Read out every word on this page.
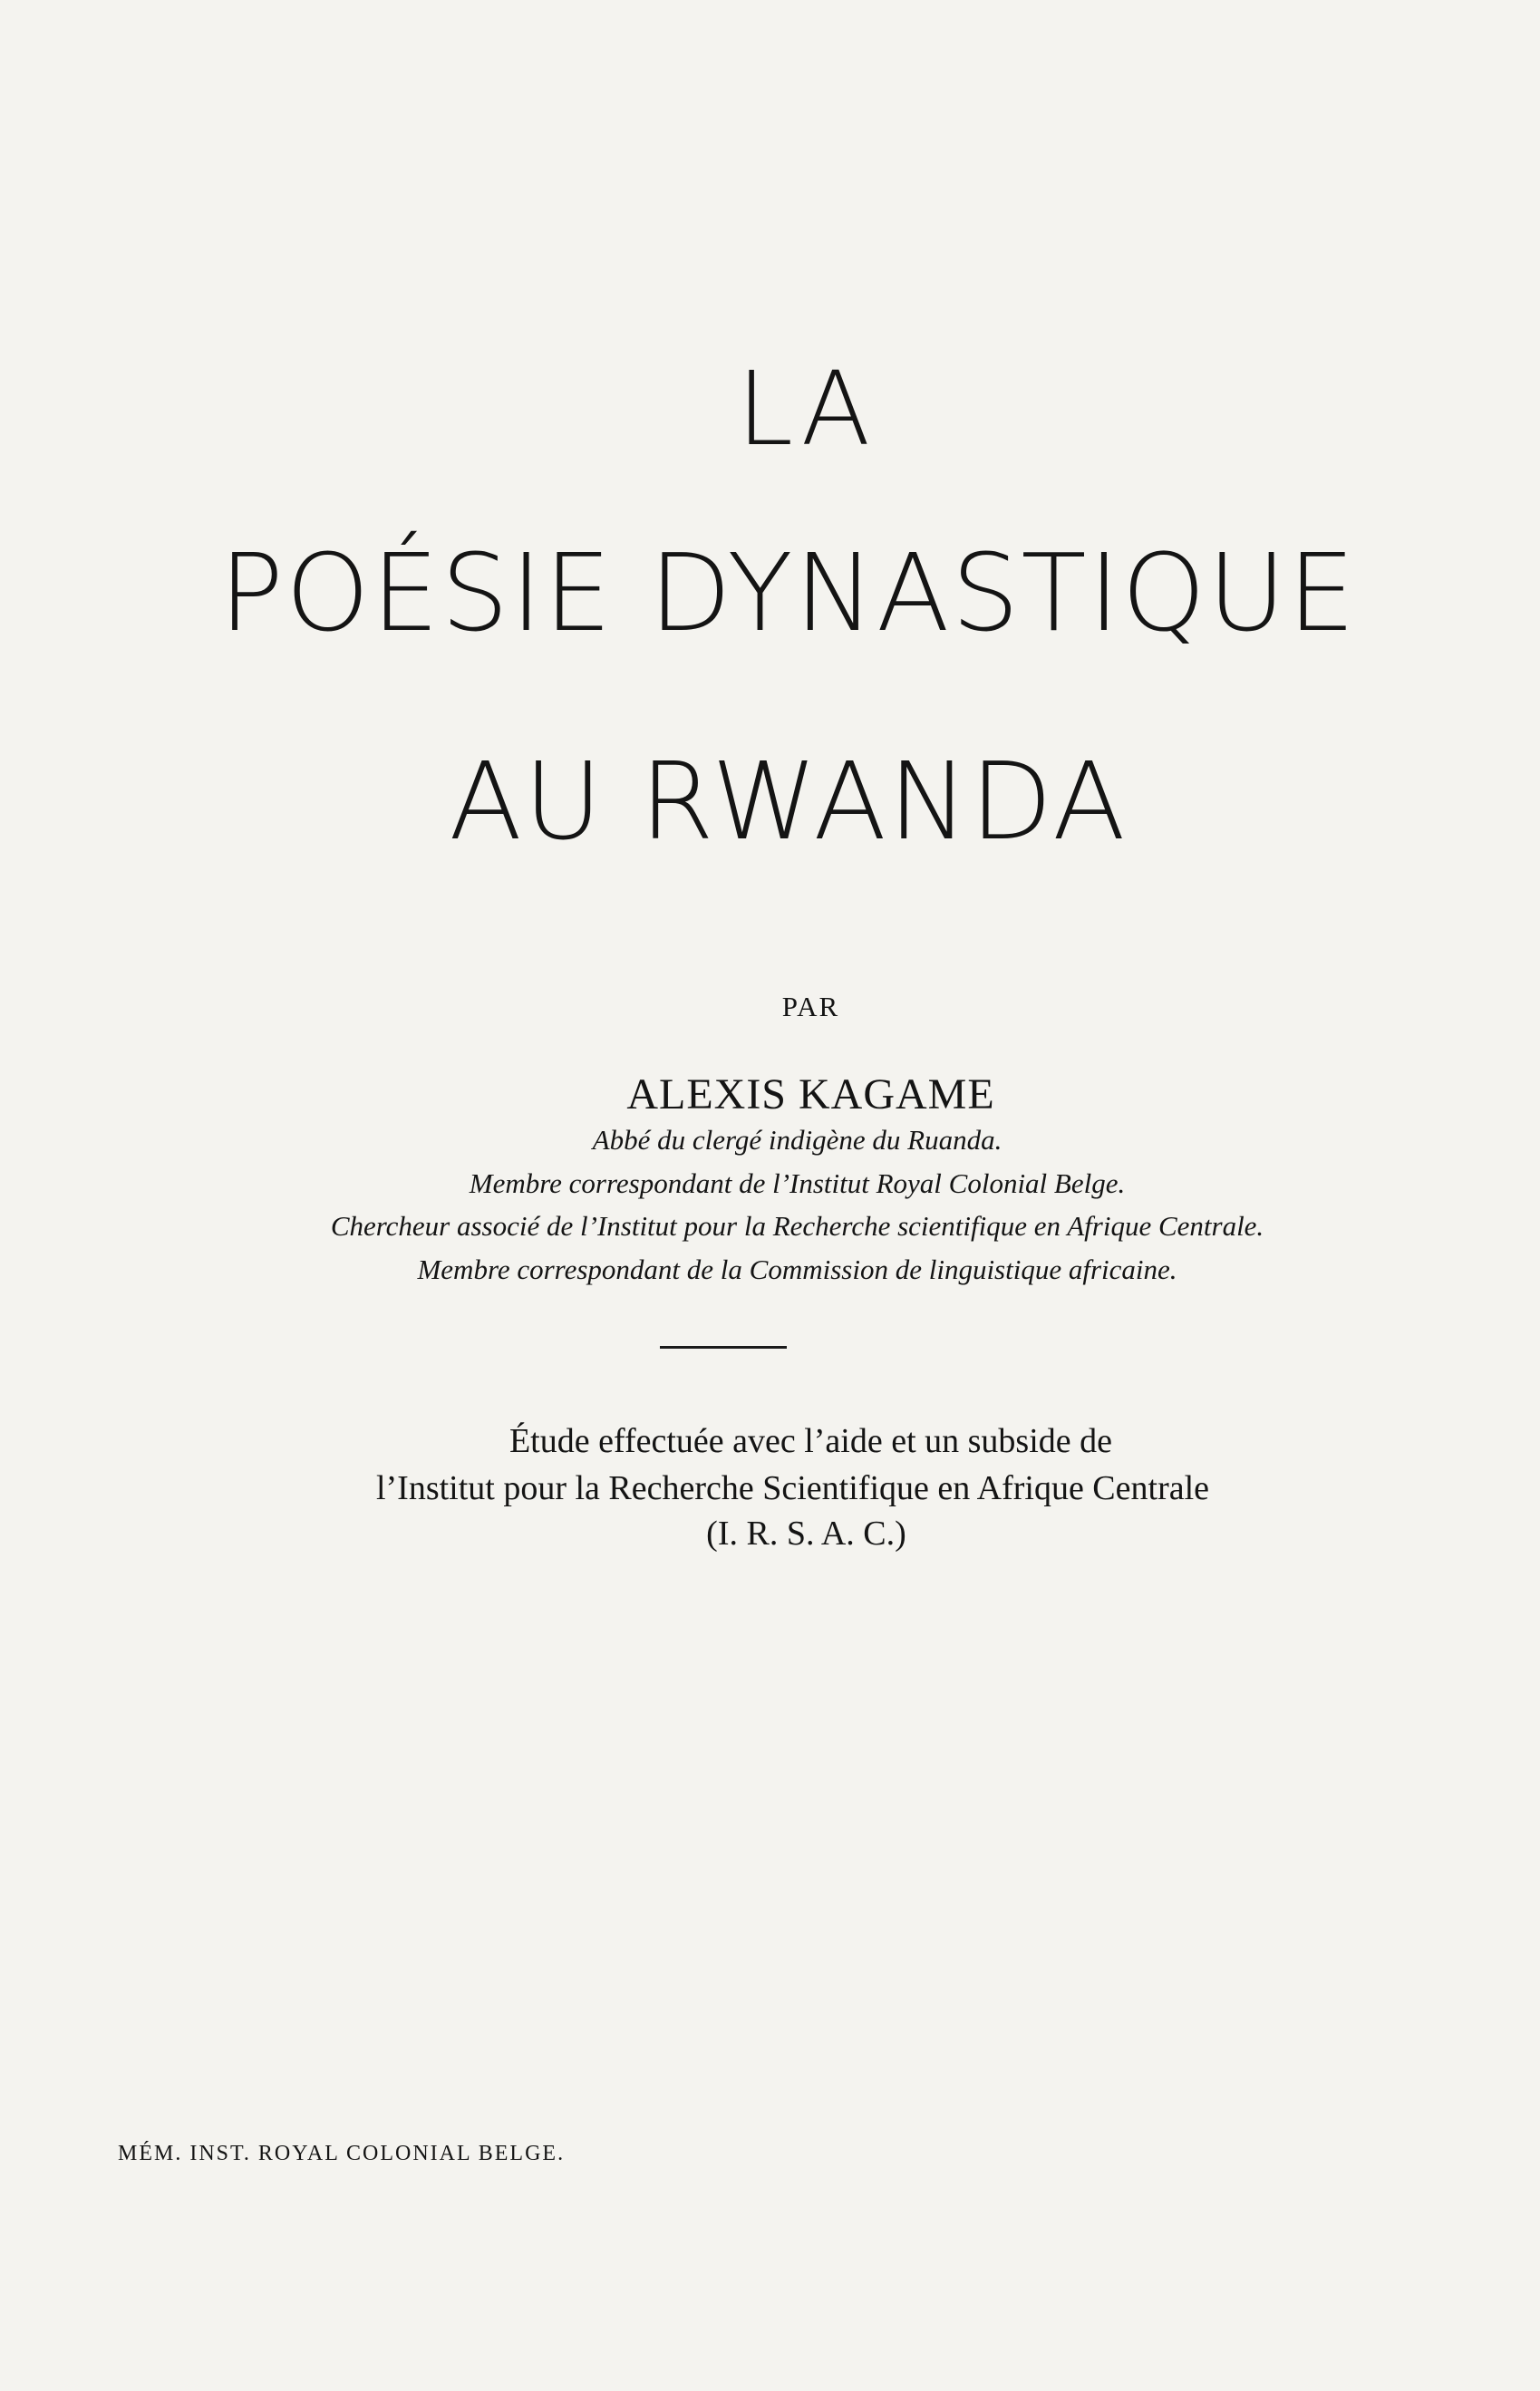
LA
POÉSIE DYNASTIQUE
AU RWANDA
PAR
ALEXIS KAGAME
Abbé du clergé indigène du Ruanda.
Membre correspondant de l’Institut Royal Colonial Belge.
Chercheur associé de l’Institut pour la Recherche scientifique en Afrique Centrale.
Membre correspondant de la Commission de linguistique africaine.
Étude effectuée avec l’aide et un subside de
l’Institut pour la Recherche Scientifique en Afrique Centrale
(I. R. S. A. C.)
MÉM. INST. ROYAL COLONIAL BELGE.
